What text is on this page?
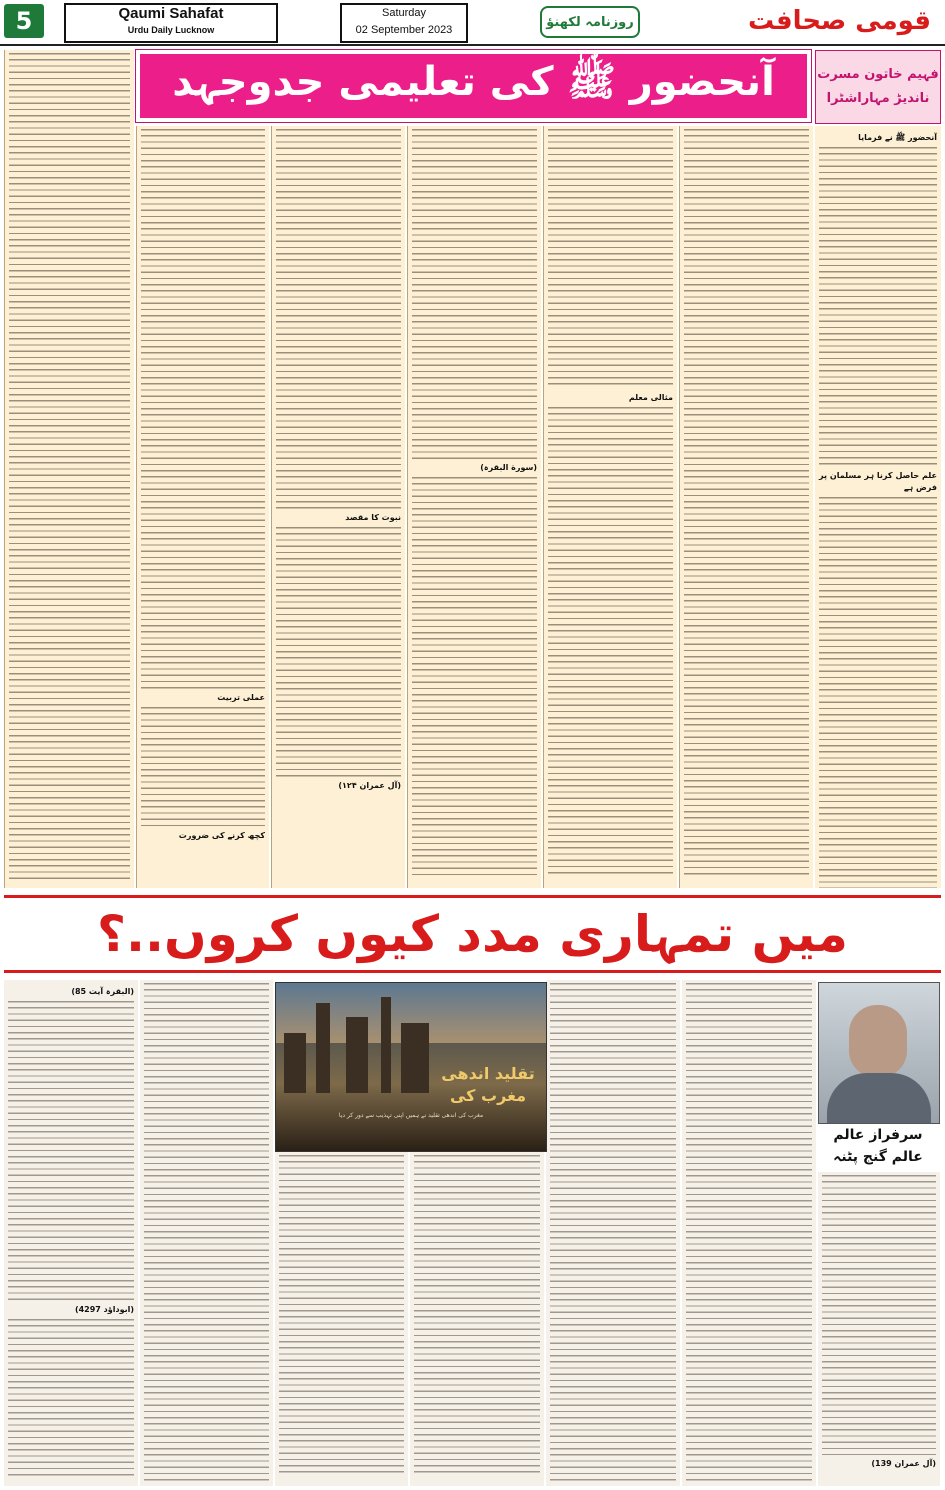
5	Qaumi Sahafat
Urdu Daily Lucknow
Saturday
02 September 2023
روزنامہ لکھنؤ	قومی صحافت
آنحضور ﷺ کی تعلیمی جدوجہد	فہیم خاتون مسرت
ناندیڑ مہاراشٹرا
آنحضور ﷺ نے فرمایا
علم حاصل کرنا ہر مسلمان پر فرض ہے
مثالی معلم
(سورة البقرہ)
نبوت کا مقصد
(آل عمران ۱۲۴)
عملی تربیت
کچھ کرنے کی ضرورت
میں تمہاری مدد کیوں کروں..؟
سرفراز عالم
عالم گنج پٹنہ
(آل عمران 139)
(البقرہ آیت 85)
(ابوداؤد 4297)
تقلید اندھی مغرب کی
مغرب کی اندھی تقلید نے ہمیں اپنی تہذیب سے دور کر دیا
